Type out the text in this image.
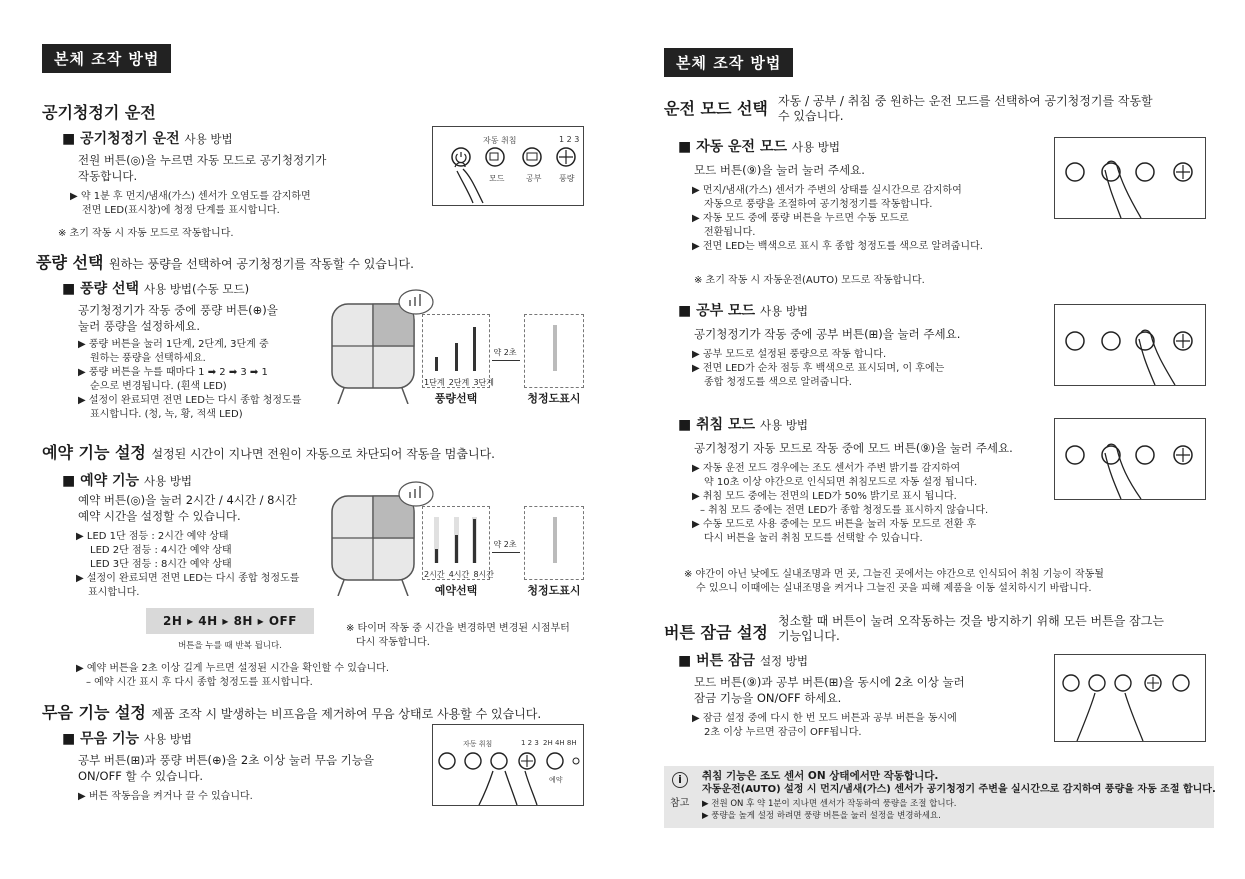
본체 조작 방법
공기청정기 운전
■ 공기청정기 운전 사용 방법
전원 버튼(◎)을 누르면 자동 모드로 공기청정기가
작동합니다.
▶ 약 1분 후 먼지/냄새(가스) 센서가 오염도를 감지하면
전면 LED(표시창)에 청정 단계를 표시합니다.
※ 초기 작동 시 자동 모드로 작동합니다.
자동 취침
모드	공부
1 2 3
풍량
풍량 선택 원하는 풍량을 선택하여 공기청정기를 작동할 수 있습니다.
■ 풍량 선택 사용 방법(수동 모드)
공기청정기가 작동 중에 풍량 버튼(⊕)을
눌러 풍량을 설정하세요.
▶ 풍량 버튼을 눌러 1단계, 2단계, 3단계 중
원하는 풍량을 선택하세요.
▶ 풍량 버튼을 누를 때마다 1 ➡ 2 ➡ 3 ➡ 1
순으로 변경됩니다. (흰색 LED)
▶ 설정이 완료되면 전면 LED는 다시 종합 청정도를
표시합니다. (청, 녹, 황, 적색 LED)
1단계 2단계 3단계
약 2초
풍량선택	청정도표시
예약 기능 설정 설정된 시간이 지나면 전원이 자동으로 차단되어 작동을 멈춥니다.
■ 예약 기능 사용 방법
예약 버튼(◎)을 눌러 2시간 / 4시간 / 8시간
예약 시간을 설정할 수 있습니다.
▶ LED 1단 점등 : 2시간 예약 상태
LED 2단 점등 : 4시간 예약 상태
LED 3단 점등 : 8시간 예약 상태
▶ 설정이 완료되면 전면 LED는 다시 종합 청정도를
표시합니다.
2H ▸ 4H ▸ 8H ▸ OFF
버튼을 누를 때 반복 됩니다.
※ 타이머 작동 중 시간을 변경하면 변경된 시점부터
다시 작동합니다.
▶ 예약 버튼을 2초 이상 길게 누르면 설정된 시간을 확인할 수 있습니다.
– 예약 시간 표시 후 다시 종합 청정도를 표시합니다.
2시간 4시간 8시간
약 2초
예약선택	청정도표시
무음 기능 설정 제품 조작 시 발생하는 비프음을 제거하여 무음 상태로 사용할 수 있습니다.
■ 무음 기능 사용 방법
공부 버튼(⊞)과 풍량 버튼(⊕)을 2초 이상 눌러 무음 기능을
ON/OFF 할 수 있습니다.
▶ 버튼 작동음을 켜거나 끌 수 있습니다.
자동 취침	1 2 3 2H 4H 8H
예약
본체 조작 방법
운전 모드 선택 자동 / 공부 / 취침 중 원하는 운전 모드를 선택하여 공기청정기를 작동할
수 있습니다.
■ 자동 운전 모드 사용 방법
모드 버튼(⑨)을 눌러 눌러 주세요.
▶ 먼지/냄새(가스) 센서가 주변의 상태를 실시간으로 감지하여
자동으로 풍량을 조절하여 공기청정기를 작동합니다.
▶ 자동 모드 중에 풍량 버튼을 누르면 수동 모드로
전환됩니다.
▶ 전면 LED는 백색으로 표시 후 종합 청정도를 색으로 알려줍니다.
※ 초기 작동 시 자동운전(AUTO) 모드로 작동합니다.
■ 공부 모드 사용 방법
공기청정기가 작동 중에 공부 버튼(⊞)을 눌러 주세요.
▶ 공부 모드로 설정된 풍량으로 작동 합니다.
▶ 전면 LED가 순차 점등 후 백색으로 표시되며, 이 후에는
종합 청정도를 색으로 알려줍니다.
■ 취침 모드 사용 방법
공기청정기 자동 모드로 작동 중에 모드 버튼(⑨)을 눌러 주세요.
▶ 자동 운전 모드 경우에는 조도 센서가 주변 밝기를 감지하여
약 10초 이상 야간으로 인식되면 취침모드로 자동 설정 됩니다.
▶ 취침 모드 중에는 전면의 LED가 50% 밝기로 표시 됩니다.
– 취침 모드 중에는 전면 LED가 종합 청정도를 표시하지 않습니다.
▶ 수동 모드로 사용 중에는 모드 버튼을 눌러 자동 모드로 전환 후
다시 버튼을 눌러 취침 모드를 선택할 수 있습니다.
※ 야간이 아닌 낮에도 실내조명과 먼 곳, 그늘진 곳에서는 야간으로 인식되어 취침 기능이 작동될
수 있으니 이때에는 실내조명을 켜거나 그늘진 곳을 피해 제품을 이동 설치하시기 바랍니다.
버튼 잠금 설정
청소할 때 버튼이 눌려 오작동하는 것을 방지하기 위해 모든 버튼을 잠그는
기능입니다.
■ 버튼 잠금 설정 방법
모드 버튼(⑨)과 공부 버튼(⊞)을 동시에 2초 이상 눌러
잠금 기능을 ON/OFF 하세요.
▶ 잠금 설정 중에 다시 한 번 모드 버튼과 공부 버튼을 동시에
2초 이상 누르면 잠금이 OFF됩니다.
i
참고
취침 기능은 조도 센서 ON 상태에서만 작동합니다.
자동운전(AUTO) 설정 시 먼지/냄새(가스) 센서가 공기청정기 주변을 실시간으로 감지하여 풍량을 자동 조절 합니다.
▶ 전원 ON 후 약 1분이 지나면 센서가 작동하여 풍량을 조절 합니다.
▶ 풍량을 높게 설정 하려면 풍량 버튼을 눌러 설정을 변경하세요.
